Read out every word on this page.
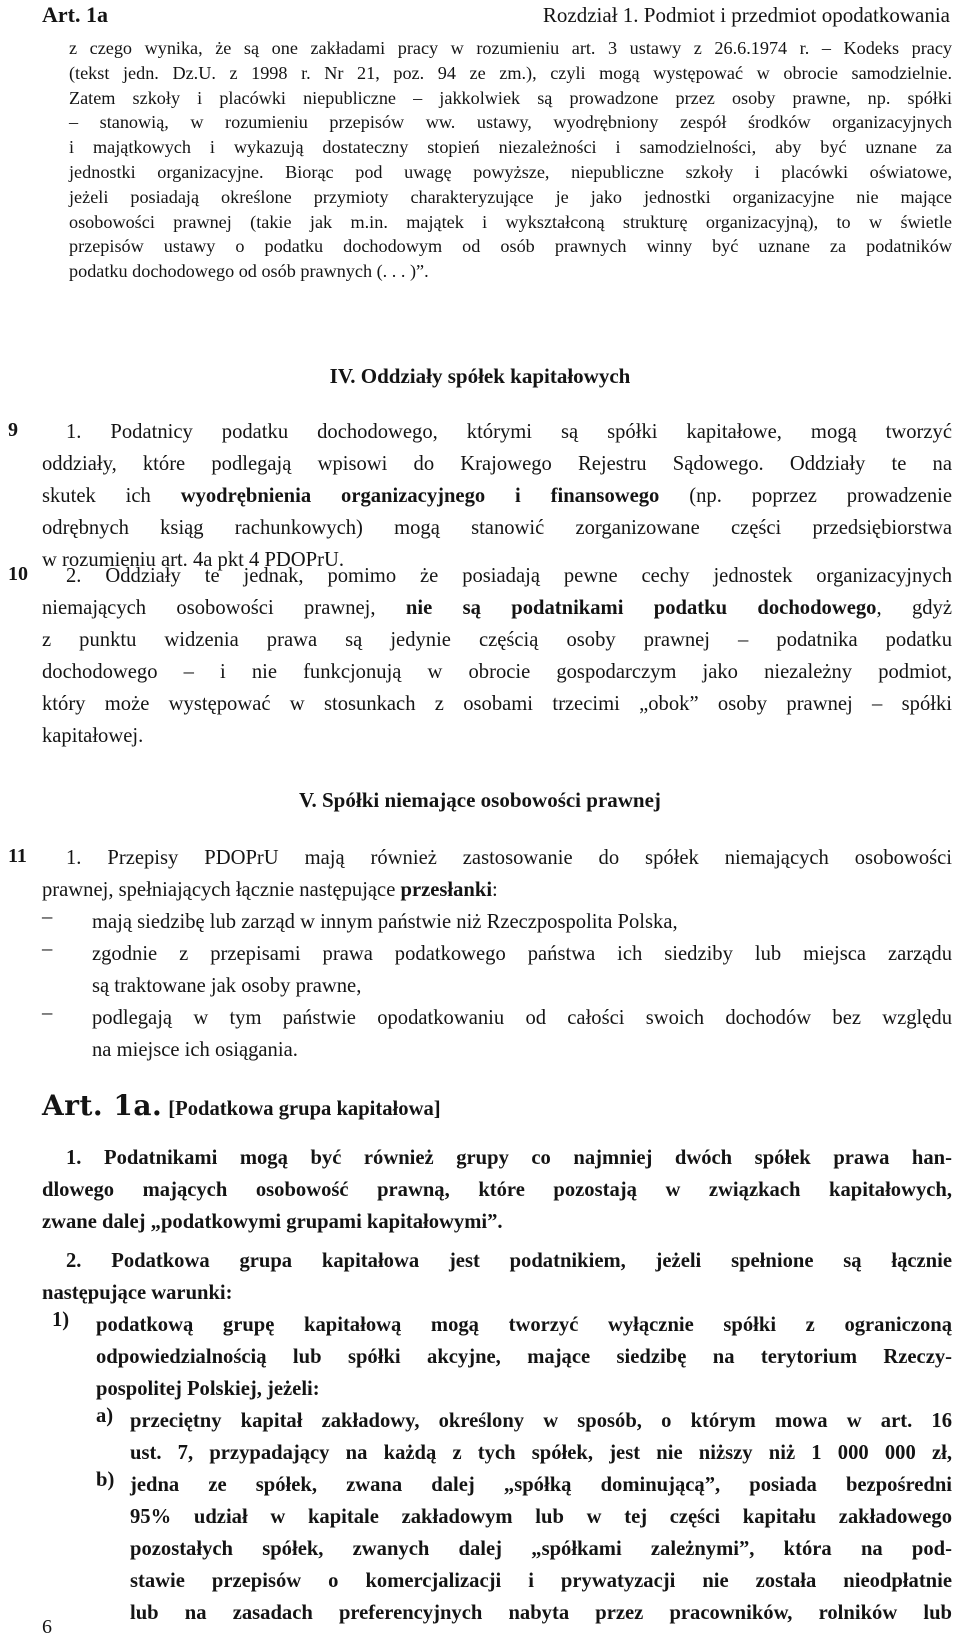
Art. 1a	Rozdział 1. Podmiot i przedmiot opodatkowania
z czego wynika, że są one zakładami pracy w rozumieniu art. 3 ustawy z 26.6.1974 r. – Kodeks pracy
(tekst jedn. Dz.U. z 1998 r. Nr 21, poz. 94 ze zm.), czyli mogą występować w obrocie samodzielnie.
Zatem szkoły i placówki niepubliczne – jakkolwiek są prowadzone przez osoby prawne, np. spółki
– stanowią, w rozumieniu przepisów ww. ustawy, wyodrębniony zespół środków organizacyjnych
i majątkowych i wykazują dostateczny stopień niezależności i samodzielności, aby być uznane za
jednostki organizacyjne. Biorąc pod uwagę powyższe, niepubliczne szkoły i placówki oświatowe,
jeżeli posiadają określone przymioty charakteryzujące je jako jednostki organizacyjne nie mające
osobowości prawnej (takie jak m.in. majątek i wykształconą strukturę organizacyjną), to w świetle
przepisów ustawy o podatku dochodowym od osób prawnych winny być uznane za podatników
podatku dochodowego od osób prawnych (. . . )”.
IV. Oddziały spółek kapitałowych
9	1. Podatnicy podatku dochodowego, którymi są spółki kapitałowe, mogą tworzyć
oddziały, które podlegają wpisowi do Krajowego Rejestru Sądowego. Oddziały te na
skutek ich wyodrębnienia organizacyjnego i finansowego (np. poprzez prowadzenie
odrębnych ksiąg rachunkowych) mogą stanowić zorganizowane części przedsiębiorstwa
w rozumieniu art. 4a pkt 4 PDOPrU.
10	2. Oddziały te jednak, pomimo że posiadają pewne cechy jednostek organizacyjnych
niemających osobowości prawnej, nie są podatnikami podatku dochodowego, gdyż
z punktu widzenia prawa są jedynie częścią osoby prawnej – podatnika podatku
dochodowego – i nie funkcjonują w obrocie gospodarczym jako niezależny podmiot,
który może występować w stosunkach z osobami trzecimi „obok” osoby prawnej – spółki
kapitałowej.
V. Spółki niemające osobowości prawnej
11	1. Przepisy PDOPrU mają również zastosowanie do spółek niemających osobowości
prawnej, spełniających łącznie następujące przesłanki:
– mają siedzibę lub zarząd w innym państwie niż Rzeczpospolita Polska,
– zgodnie z przepisami prawa podatkowego państwa ich siedziby lub miejsca zarządu
są traktowane jak osoby prawne,
– podlegają w tym państwie opodatkowaniu od całości swoich dochodów bez względu
na miejsce ich osiągania.
Art. 1a. [Podatkowa grupa kapitałowa]
1. Podatnikami mogą być również grupy co najmniej dwóch spółek prawa han-
dlowego mających osobowość prawną, które pozostają w związkach kapitałowych,
zwane dalej „podatkowymi grupami kapitałowymi”.
2. Podatkowa grupa kapitałowa jest podatnikiem, jeżeli spełnione są łącznie
następujące warunki:
1) podatkową grupę kapitałową mogą tworzyć wyłącznie spółki z ograniczoną
odpowiedzialnością lub spółki akcyjne, mające siedzibę na terytorium Rzeczy-
pospolitej Polskiej, jeżeli:
a) przeciętny kapitał zakładowy, określony w sposób, o którym mowa w art. 16
ust. 7, przypadający na każdą z tych spółek, jest nie niższy niż 1 000 000 zł,
b) jedna ze spółek, zwana dalej „spółką dominującą”, posiada bezpośredni
95% udział w kapitale zakładowym lub w tej części kapitału zakładowego
pozostałych spółek, zwanych dalej „spółkami zależnymi”, która na pod-
stawie przepisów o komercjalizacji i prywatyzacji nie została nieodpłatnie
lub na zasadach preferencyjnych nabyta przez pracowników, rolników lub
6
